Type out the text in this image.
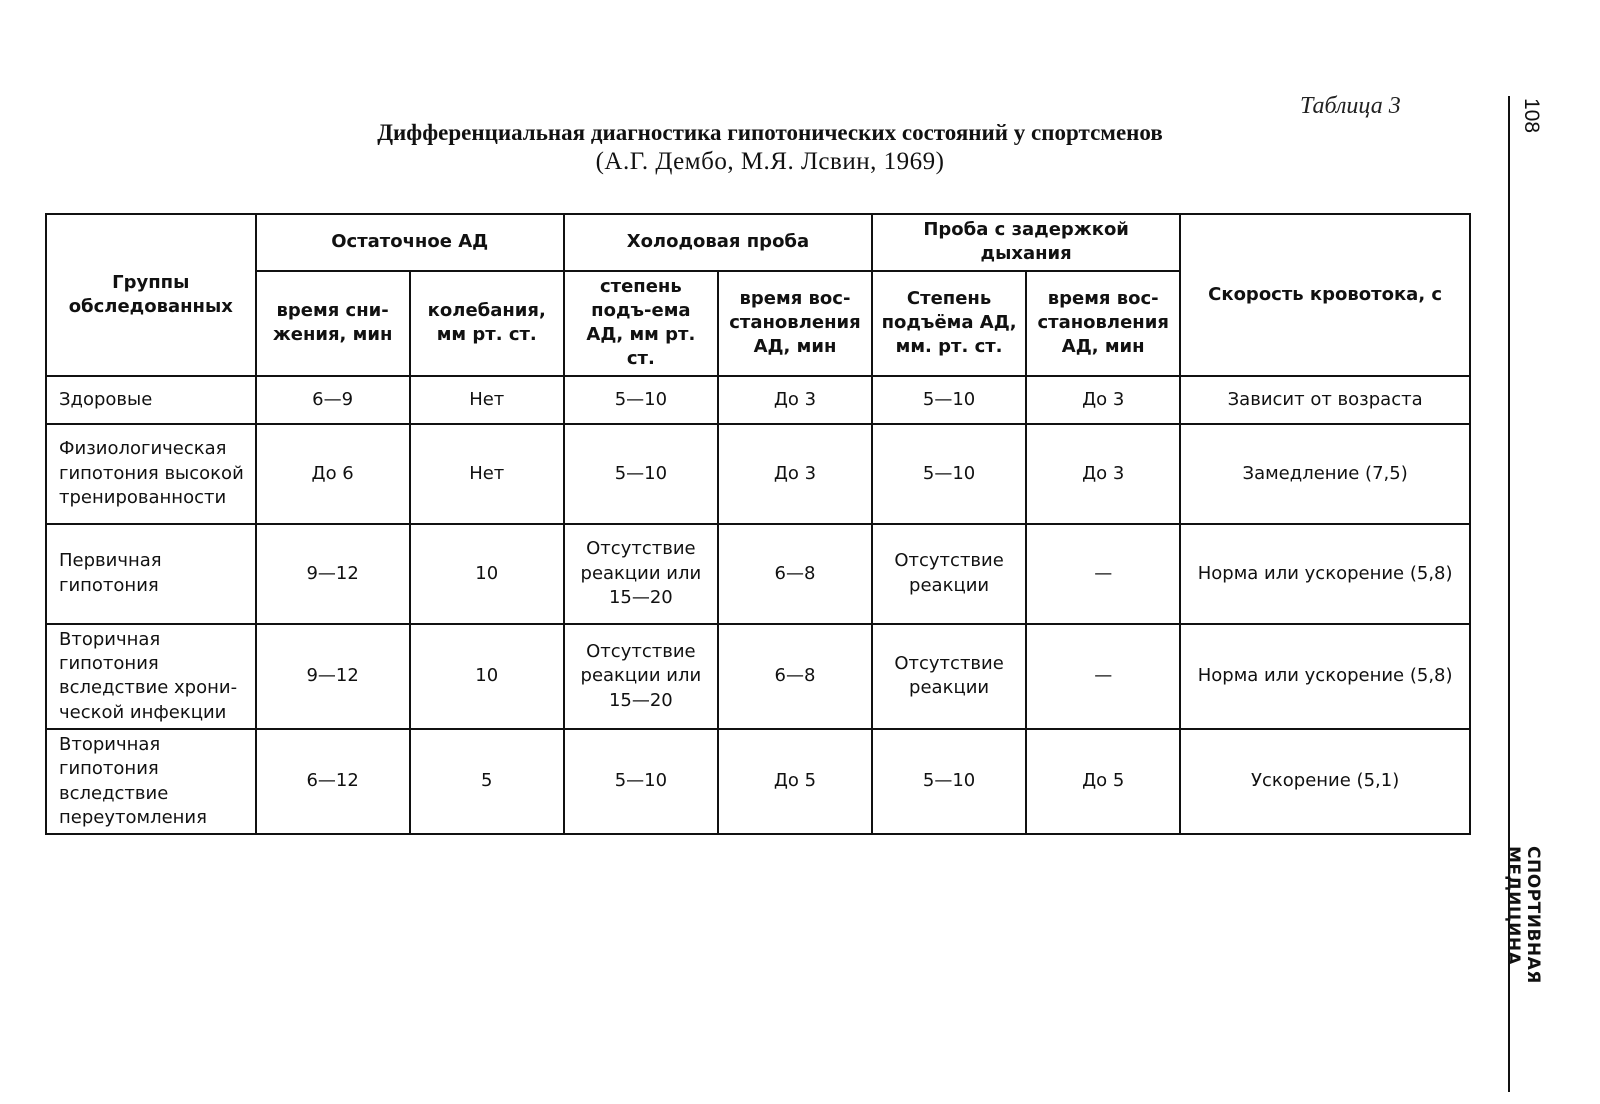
Таблица 3
Дифференциальная диагностика гипотонических состояний у спортсменов
(А.Г. Дембо, М.Я. Лсвин, 1969)
108
СПОРТИВНАЯ МЕДИЦИНА
Группы обследованных	Остаточное АД		Холодовая проба		Проба с задержкой дыхания		Скорость кровотока, с
	время сни-жения, мин	колебания, мм рт. ст.	степень подъ-ема АД, мм рт. ст.	время вос-становления АД, мин	Степень подъёма АД, мм. рт. ст.	время вос-становления АД, мин	
Здоровые	6—9	Нет	5—10	До 3	5—10	До 3	Зависит от возраста
Физиологическая гипотония высокой тренированности	До 6	Нет	5—10	До 3	5—10	До 3	Замедление (7,5)
Первичная гипотония	9—12	10	Отсутствие реакции или 15—20	6—8	Отсутствие реакции	—	Норма или ускорение (5,8)
Вторичная гипотония вследствие хрони-ческой инфекции	9—12	10	Отсутствие реакции или 15—20	6—8	Отсутствие реакции	—	Норма или ускорение (5,8)
Вторичная гипотония вследствие переутомления	6—12	5	5—10	До 5	5—10	До 5	Ускорение (5,1)
